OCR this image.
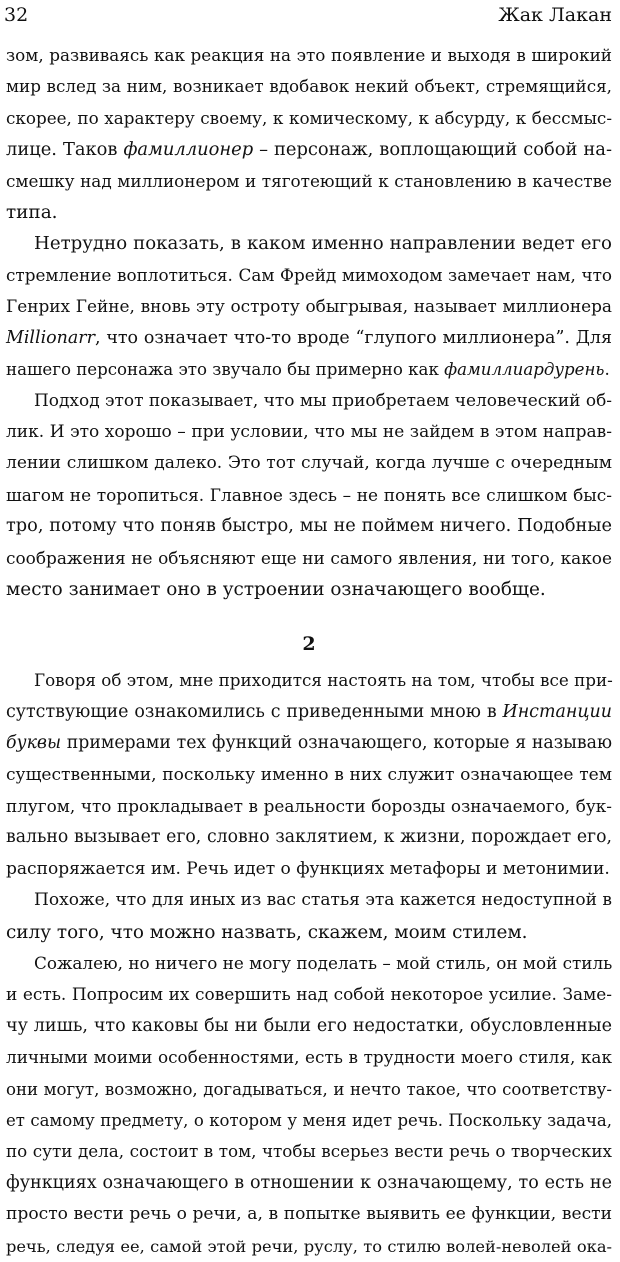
32	Жак Лакан
зом, развиваясь как реакция на это появление и выходя в широкий
мир вслед за ним, возникает вдобавок некий объект, стремящийся,
скорее, по характеру своему, к комическому, к абсурду, к бессмыс-
лице. Таков фамиллионер – персонаж, воплощающий собой на-
смешку над миллионером и тяготеющий к становлению в качестве
типа.
Нетрудно показать, в каком именно направлении ведет его
стремление воплотиться. Сам Фрейд мимоходом замечает нам, что
Генрих Гейне, вновь эту остроту обыгрывая, называет миллионера
Millionarr, что означает что-то вроде “глупого миллионера”. Для
нашего персонажа это звучало бы примерно как фамиллиардурень.
Подход этот показывает, что мы приобретаем человеческий об-
лик. И это хорошо – при условии, что мы не зайдем в этом направ-
лении слишком далеко. Это тот случай, когда лучше с очередным
шагом не торопиться. Главное здесь – не понять все слишком быс-
тро, потому что поняв быстро, мы не поймем ничего. Подобные
соображения не объясняют еще ни самого явления, ни того, какое
место занимает оно в устроении означающего вообще.
2
Говоря об этом, мне приходится настоять на том, чтобы все при-
сутствующие ознакомились с приведенными мною в Инстанции
буквы примерами тех функций означающего, которые я называю
существенными, поскольку именно в них служит означающее тем
плугом, что прокладывает в реальности борозды означаемого, бук-
вально вызывает его, словно заклятием, к жизни, порождает его,
распоряжается им. Речь идет о функциях метафоры и метонимии.
Похоже, что для иных из вас статья эта кажется недоступной в
силу того, что можно назвать, скажем, моим стилем.
Сожалею, но ничего не могу поделать – мой стиль, он мой стиль
и есть. Попросим их совершить над собой некоторое усилие. Заме-
чу лишь, что каковы бы ни были его недостатки, обусловленные
личными моими особенностями, есть в трудности моего стиля, как
они могут, возможно, догадываться, и нечто такое, что соответству-
ет самому предмету, о котором у меня идет речь. Поскольку задача,
по сути дела, состоит в том, чтобы всерьез вести речь о творческих
функциях означающего в отношении к означающему, то есть не
просто вести речь о речи, а, в попытке выявить ее функции, вести
речь, следуя ее, самой этой речи, руслу, то стилю волей-неволей ока-
